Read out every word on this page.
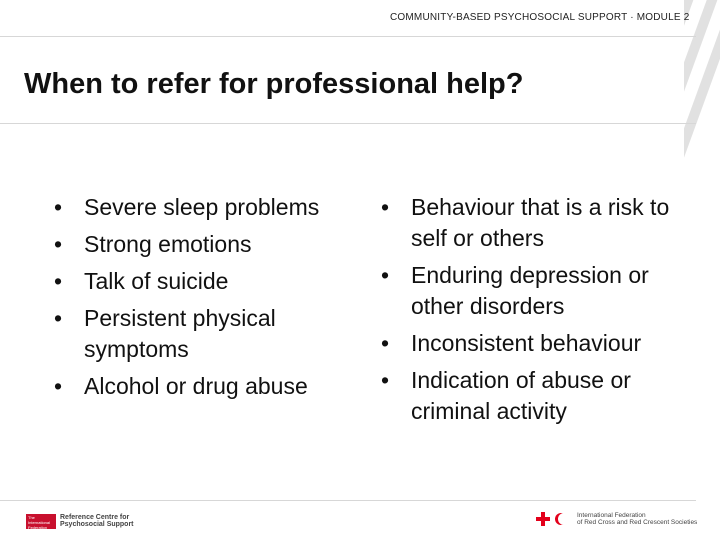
COMMUNITY-BASED PSYCHOSOCIAL SUPPORT · MODULE 2
When to refer for professional help?
• Severe sleep problems
• Strong emotions
• Talk of suicide
• Persistent physical symptoms
• Alcohol or drug abuse
• Behaviour that is a risk to self or others
• Enduring depression or other disorders
• Inconsistent behaviour
• Indication of abuse or criminal activity
The International Federation
Reference Centre for
Psychosocial Support
International Federation
of Red Cross and Red Crescent Societies
